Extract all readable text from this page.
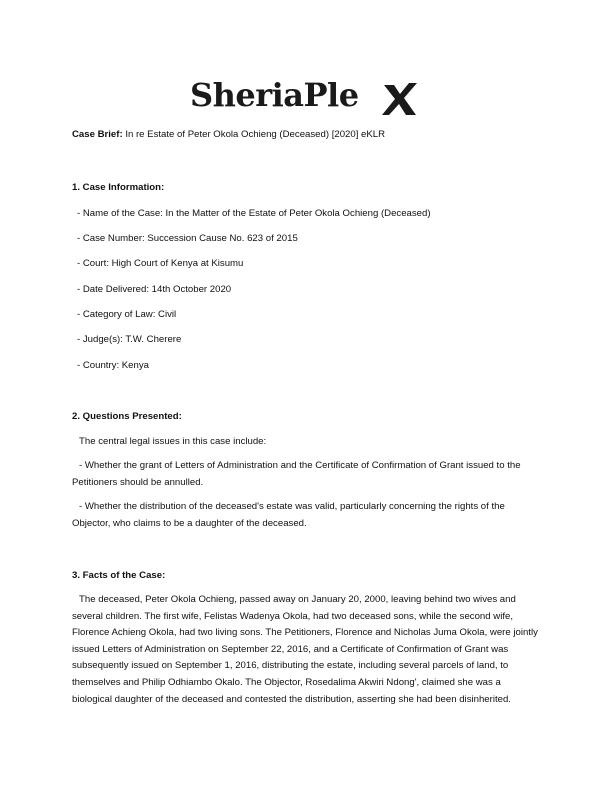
SheriaPle
Case Brief: In re Estate of Peter Okola Ochieng (Deceased) [2020] eKLR
1. Case Information:
- Name of the Case: In the Matter of the Estate of Peter Okola Ochieng (Deceased)
- Case Number: Succession Cause No. 623 of 2015
- Court: High Court of Kenya at Kisumu
- Date Delivered: 14th October 2020
- Category of Law: Civil
- Judge(s): T.W. Cherere
- Country: Kenya
2. Questions Presented:
The central legal issues in this case include:
- Whether the grant of Letters of Administration and the Certificate of Confirmation of Grant issued to the Petitioners should be annulled.
- Whether the distribution of the deceased's estate was valid, particularly concerning the rights of the Objector, who claims to be a daughter of the deceased.
3. Facts of the Case:
The deceased, Peter Okola Ochieng, passed away on January 20, 2000, leaving behind two wives and several children. The first wife, Felistas Wadenya Okola, had two deceased sons, while the second wife, Florence Achieng Okola, had two living sons. The Petitioners, Florence and Nicholas Juma Okola, were jointly issued Letters of Administration on September 22, 2016, and a Certificate of Confirmation of Grant was subsequently issued on September 1, 2016, distributing the estate, including several parcels of land, to themselves and Philip Odhiambo Okalo. The Objector, Rosedalima Akwiri Ndong', claimed she was a biological daughter of the deceased and contested the distribution, asserting she had been disinherited.
